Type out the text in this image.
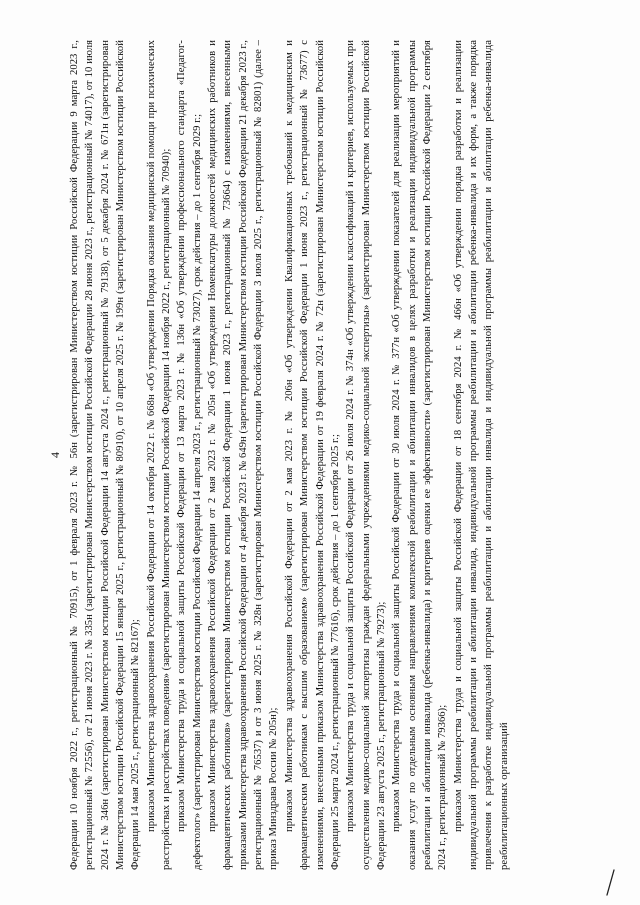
4 Федерации 10 ноября 2022 г., регистрационный № 70915), от 1 февраля 2023 г. № 56н (зарегистрирован Министерством юстиции Российской Федерации 9 марта 2023 г., регистрационный № 72556), от 21 июня 2023 г. № 335н (зарегистрирован Министерством юстиции Российской Федерации 28 июня 2023 г., регистрационный № 74017), от 10 июля 2024 г. № 346н (зарегистрирован Министерством юстиции Российской Федерации 14 августа 2024 г., регистрационный № 79138), от 5 декабря 2024 г. № 671н (зарегистрирован Министерством юстиции Российской Федерации 15 января 2025 г., регистрационный № 80910), от 10 апреля 2025 г. № 199н (зарегистрирован Министерством юстиции Российской Федерации 14 мая 2025 г., регистрационный № 82167); приказом Министерства здравоохранения Российской Федерации от 14 октября 2022 г. № 668н «Об утверждении Порядка оказания медицинской помощи при психических расстройствах и расстройствах поведения» (зарегистрирован Министерством юстиции Российской Федерации 14 ноября 2022 г., регистрационный № 70940); приказом Министерства труда и социальной защиты Российской Федерации от 13 марта 2023 г. № 136н «Об утверждении профессионального стандарта «Педагог-дефектолог» (зарегистрирован Министерством юстиции Российской Федерации 14 апреля 2023 г., регистрационный № 73027), срок действия – до 1 сентября 2029 г.; приказом Министерства здравоохранения Российской Федерации от 2 мая 2023 г. № 205н «Об утверждении Номенклатуры должностей медицинских работников и фармацевтических работников» (зарегистрирован Министерством юстиции Российской Федерации 1 июня 2023 г., регистрационный № 73664) с изменениями, внесенными приказами Министерства здравоохранения Российской Федерации от 4 декабря 2023 г. № 649н (зарегистрирован Министерством юстиции Российской Федерации 21 декабря 2023 г., регистрационный № 76537) и от 3 июня 2025 г. № 328н (зарегистрирован Министерством юстиции Российской Федерации 3 июля 2025 г., регистрационный № 82801) (далее – приказ Минздрава России № 205н); приказом Министерства здравоохранения Российской Федерации от 2 мая 2023 г. № 206н «Об утверждении Квалификационных требований к медицинским и фармацевтическим работникам с высшим образованием» (зарегистрирован Министерством юстиции Российской Федерации 1 июня 2023 г., регистрационный № 73677) с изменениями, внесенными приказом Министерства здравоохранения Российской Федерации от 19 февраля 2024 г. № 72н (зарегистрирован Министерством юстиции Российской Федерации 25 марта 2024 г., регистрационный № 77616), срок действия – до 1 сентября 2025 г.; приказом Министерства труда и социальной защиты Российской Федерации от 26 июля 2024 г. № 374н «Об утверждении классификаций и критериев, используемых при осуществлении медико-социальной экспертизы граждан федеральными учреждениями медико-социальной экспертизы» (зарегистрирован Министерством юстиции Российской Федерации 23 августа 2025 г., регистрационный № 79273); приказом Министерства труда и социальной защиты Российской Федерации от 30 июля 2024 г. № 377н «Об утверждении показателей для реализации мероприятий и оказания услуг по отдельным основным направлениям комплексной реабилитации и абилитации инвалидов в целях разработки и реализации индивидуальной программы реабилитации и абилитации инвалида (ребенка-инвалида) и критериев оценки ее эффективности» (зарегистрирован Министерством юстиции Российской Федерации 2 сентября 2024 г., регистрационный № 79366); приказом Министерства труда и социальной защиты Российской Федерации от 18 сентября 2024 г. № 466н «Об утверждении порядка разработки и реализации индивидуальной программы реабилитации и абилитации инвалида, индивидуальной программы реабилитации и абилитации ребенка-инвалида и их форм, а также порядка привлечения к разработке индивидуальной программы реабилитации и абилитации инвалида и индивидуальной программы реабилитации и абилитации ребенка-инвалида реабилитационных организаций
